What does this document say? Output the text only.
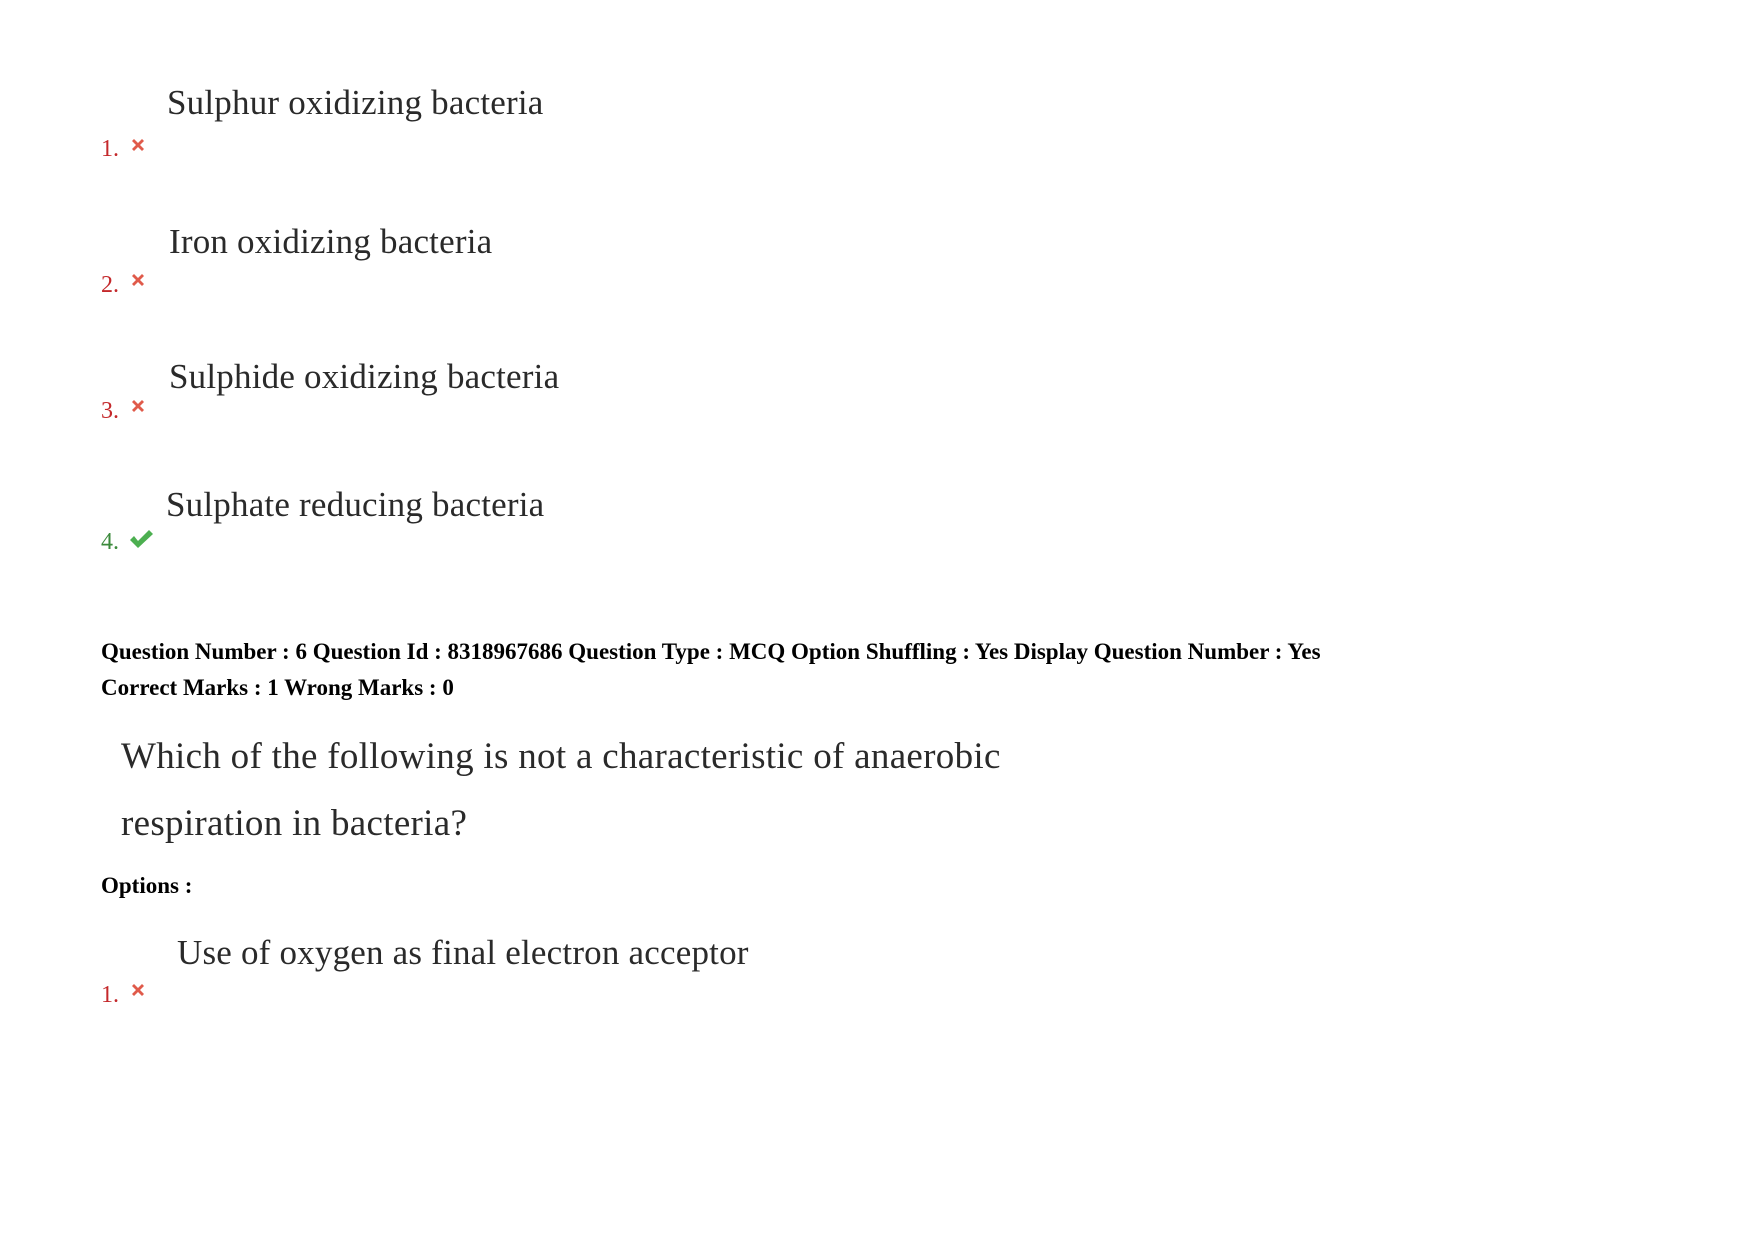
Sulphur oxidizing bacteria
1.
Iron oxidizing bacteria
2.
Sulphide oxidizing bacteria
3.
Sulphate reducing bacteria
4.
Question Number : 6 Question Id : 8318967686 Question Type : MCQ Option Shuffling : Yes Display Question Number : Yes
Correct Marks : 1 Wrong Marks : 0
Which of the following is not a characteristic of anaerobic
respiration in bacteria?
Options :
Use of oxygen as final electron acceptor
1.
